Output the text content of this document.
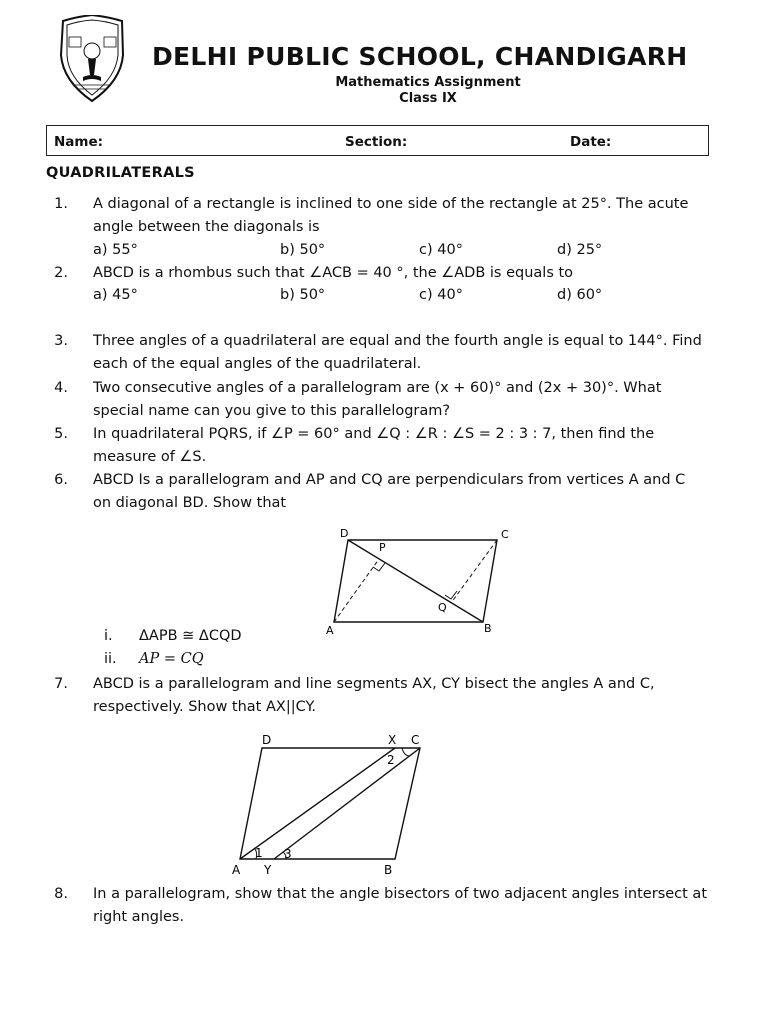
DELHI PUBLIC SCHOOL, CHANDIGARH
Mathematics Assignment
Class IX
Name:	Section:	Date:
QUADRILATERALS
1. A diagonal of a rectangle is inclined to one side of the rectangle at 25°. The acute angle between the diagonals is
a) 55°	b) 50°	c) 40°	d) 25°
2. ABCD is a rhombus such that ∠ACB = 40 °, the ∠ADB is equals to
a) 45°	b) 50°	c) 40°	d) 60°
3. Three angles of a quadrilateral are equal and the fourth angle is equal to 144°. Find each of the equal angles of the quadrilateral.
4. Two consecutive angles of a parallelogram are (x + 60)° and (2x + 30)°. What special name can you give to this parallelogram?
5. In quadrilateral PQRS, if ∠P = 60° and ∠Q : ∠R : ∠S = 2 : 3 : 7, then find the measure of ∠S.
6. ABCD Is a parallelogram and AP and CQ are perpendiculars from vertices A and C on diagonal BD. Show that
D
P
C
Q
A	B
i. ΔAPB ≅ ΔCQD
ii. AP = CQ
7. ABCD is a parallelogram and line segments AX, CY bisect the angles A and C, respectively. Show that AX||CY.
D	X C
2
1 3
A Y	B
8. In a parallelogram, show that the angle bisectors of two adjacent angles intersect at right angles.
